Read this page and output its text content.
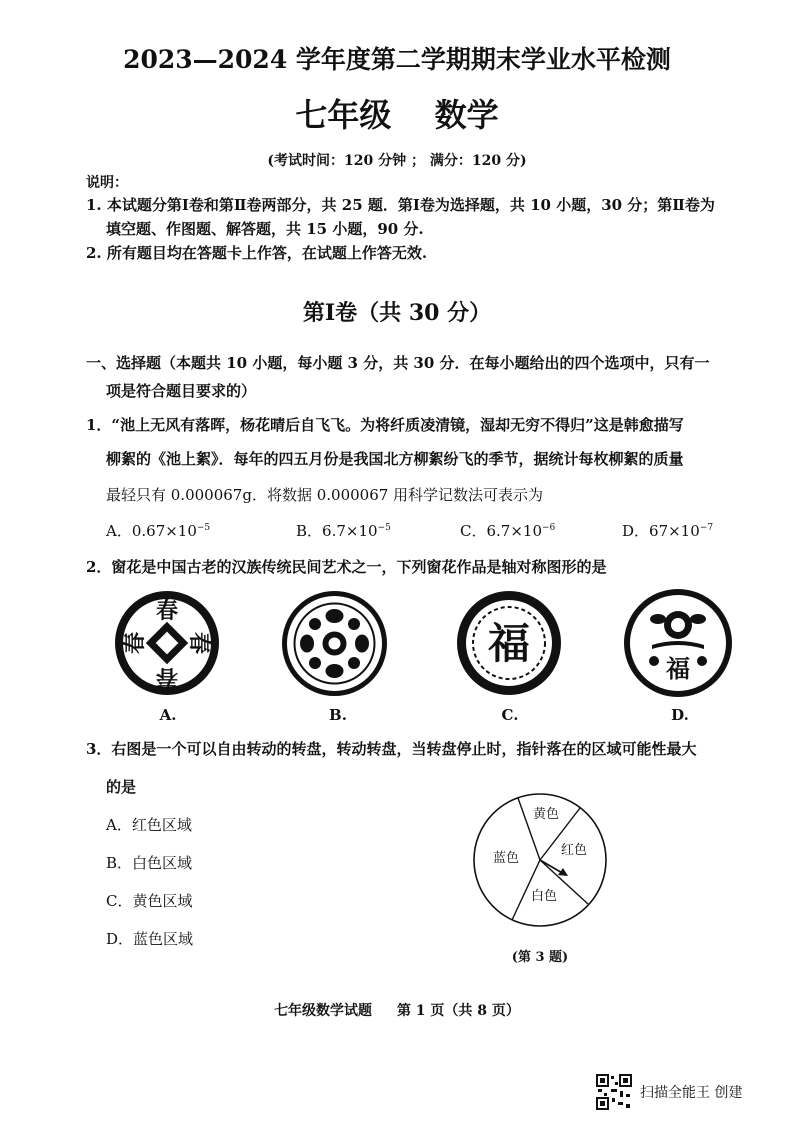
2023—2024 学年度第二学期期末学业水平检测
七年级 数学
(考试时间：120 分钟 ； 满分：120 分)
说明：
1. 本试题分第Ⅰ卷和第Ⅱ卷两部分，共 25 题．第Ⅰ卷为选择题，共 10 小题，30 分；第Ⅱ卷为
填空题、作图题、解答题，共 15 小题，90 分.
2. 所有题目均在答题卡上作答，在试题上作答无效.
第Ⅰ卷（共 30 分）
一、选择题（本题共 10 小题，每小题 3 分，共 30 分．在每小题给出的四个选项中，只有一
项是符合题目要求的）
1．“池上无风有落晖，杨花晴后自飞飞。为将纤质凌清镜，湿却无穷不得归”这是韩愈描写
柳絮的《池上絮》．每年的四五月份是我国北方柳絮纷飞的季节，据统计每枚柳絮的质量
最轻只有 0.000067g．将数据 0.000067 用科学记数法可表示为
A．$0.67\times 10^{-5}$	B．$6.7\times 10^{-5}$	C．$6.7\times 10^{-6}$	D．$67\times 10^{-7}$
2．窗花是中国古老的汉族传统民间艺术之一，下列窗花作品是轴对称图形的是
春
春
春 春	福
福
A.	B.	C.	D.
3．右图是一个可以自由转动的转盘，转动转盘，当转盘停止时，指针落在的区域可能性最大
的是
A．红色区域
B．白色区域
C．黄色区域
D．蓝色区域
黄色
红色
白色
蓝色
(第 3 题)
七年级数学试题 第 1 页（共 8 页）
扫描全能王 创建
